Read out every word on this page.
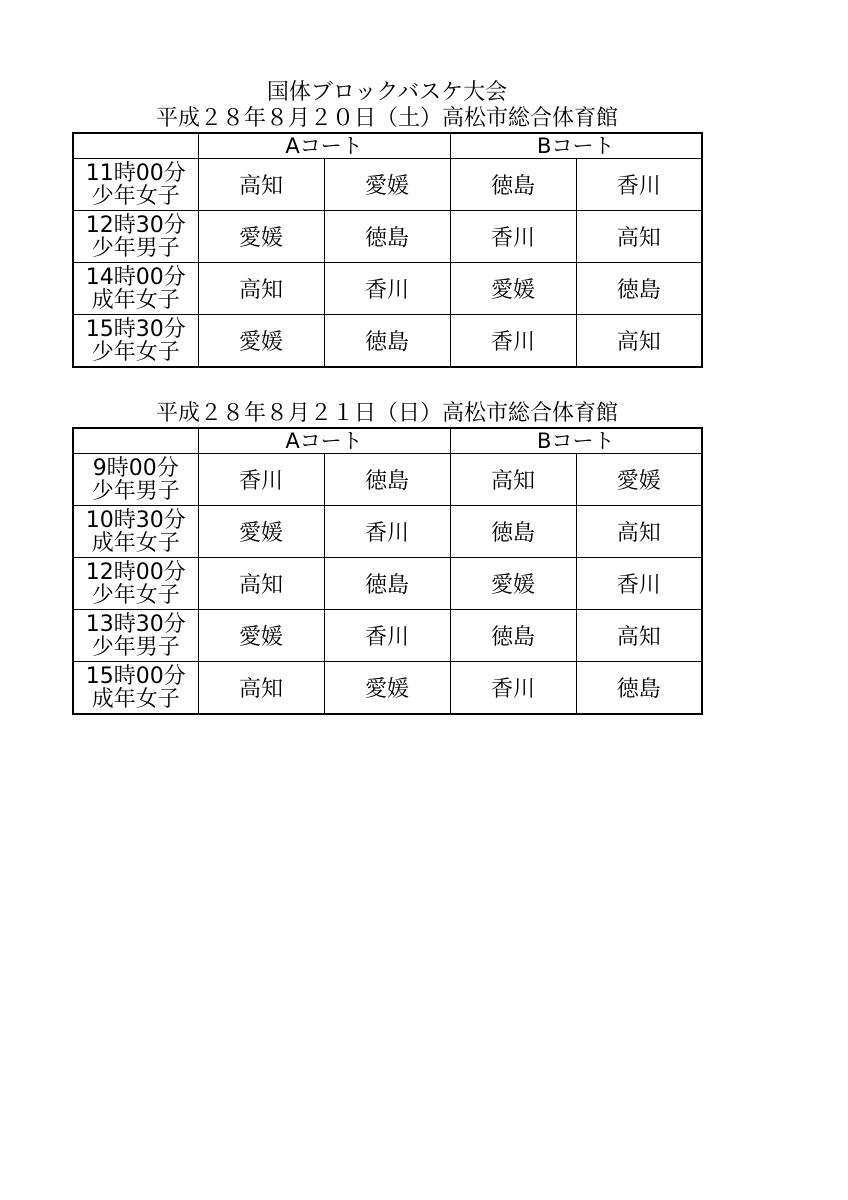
国体ブロックバスケ大会
平成２８年８月２０日（土）高松市総合体育館
	Aコート		Bコート	

11時00分
少年女子	高知	愛媛	徳島	香川

12時30分
少年男子	愛媛	徳島	香川	高知

14時00分
成年女子	高知	香川	愛媛	徳島

15時30分
少年女子	愛媛	徳島	香川	高知
平成２８年８月２１日（日）高松市総合体育館
	Aコート		Bコート	

9時00分
少年男子	香川	徳島	高知	愛媛

10時30分
成年女子	愛媛	香川	徳島	高知

12時00分
少年女子	高知	徳島	愛媛	香川

13時30分
少年男子	愛媛	香川	徳島	高知

15時00分
成年女子	高知	愛媛	香川	徳島
